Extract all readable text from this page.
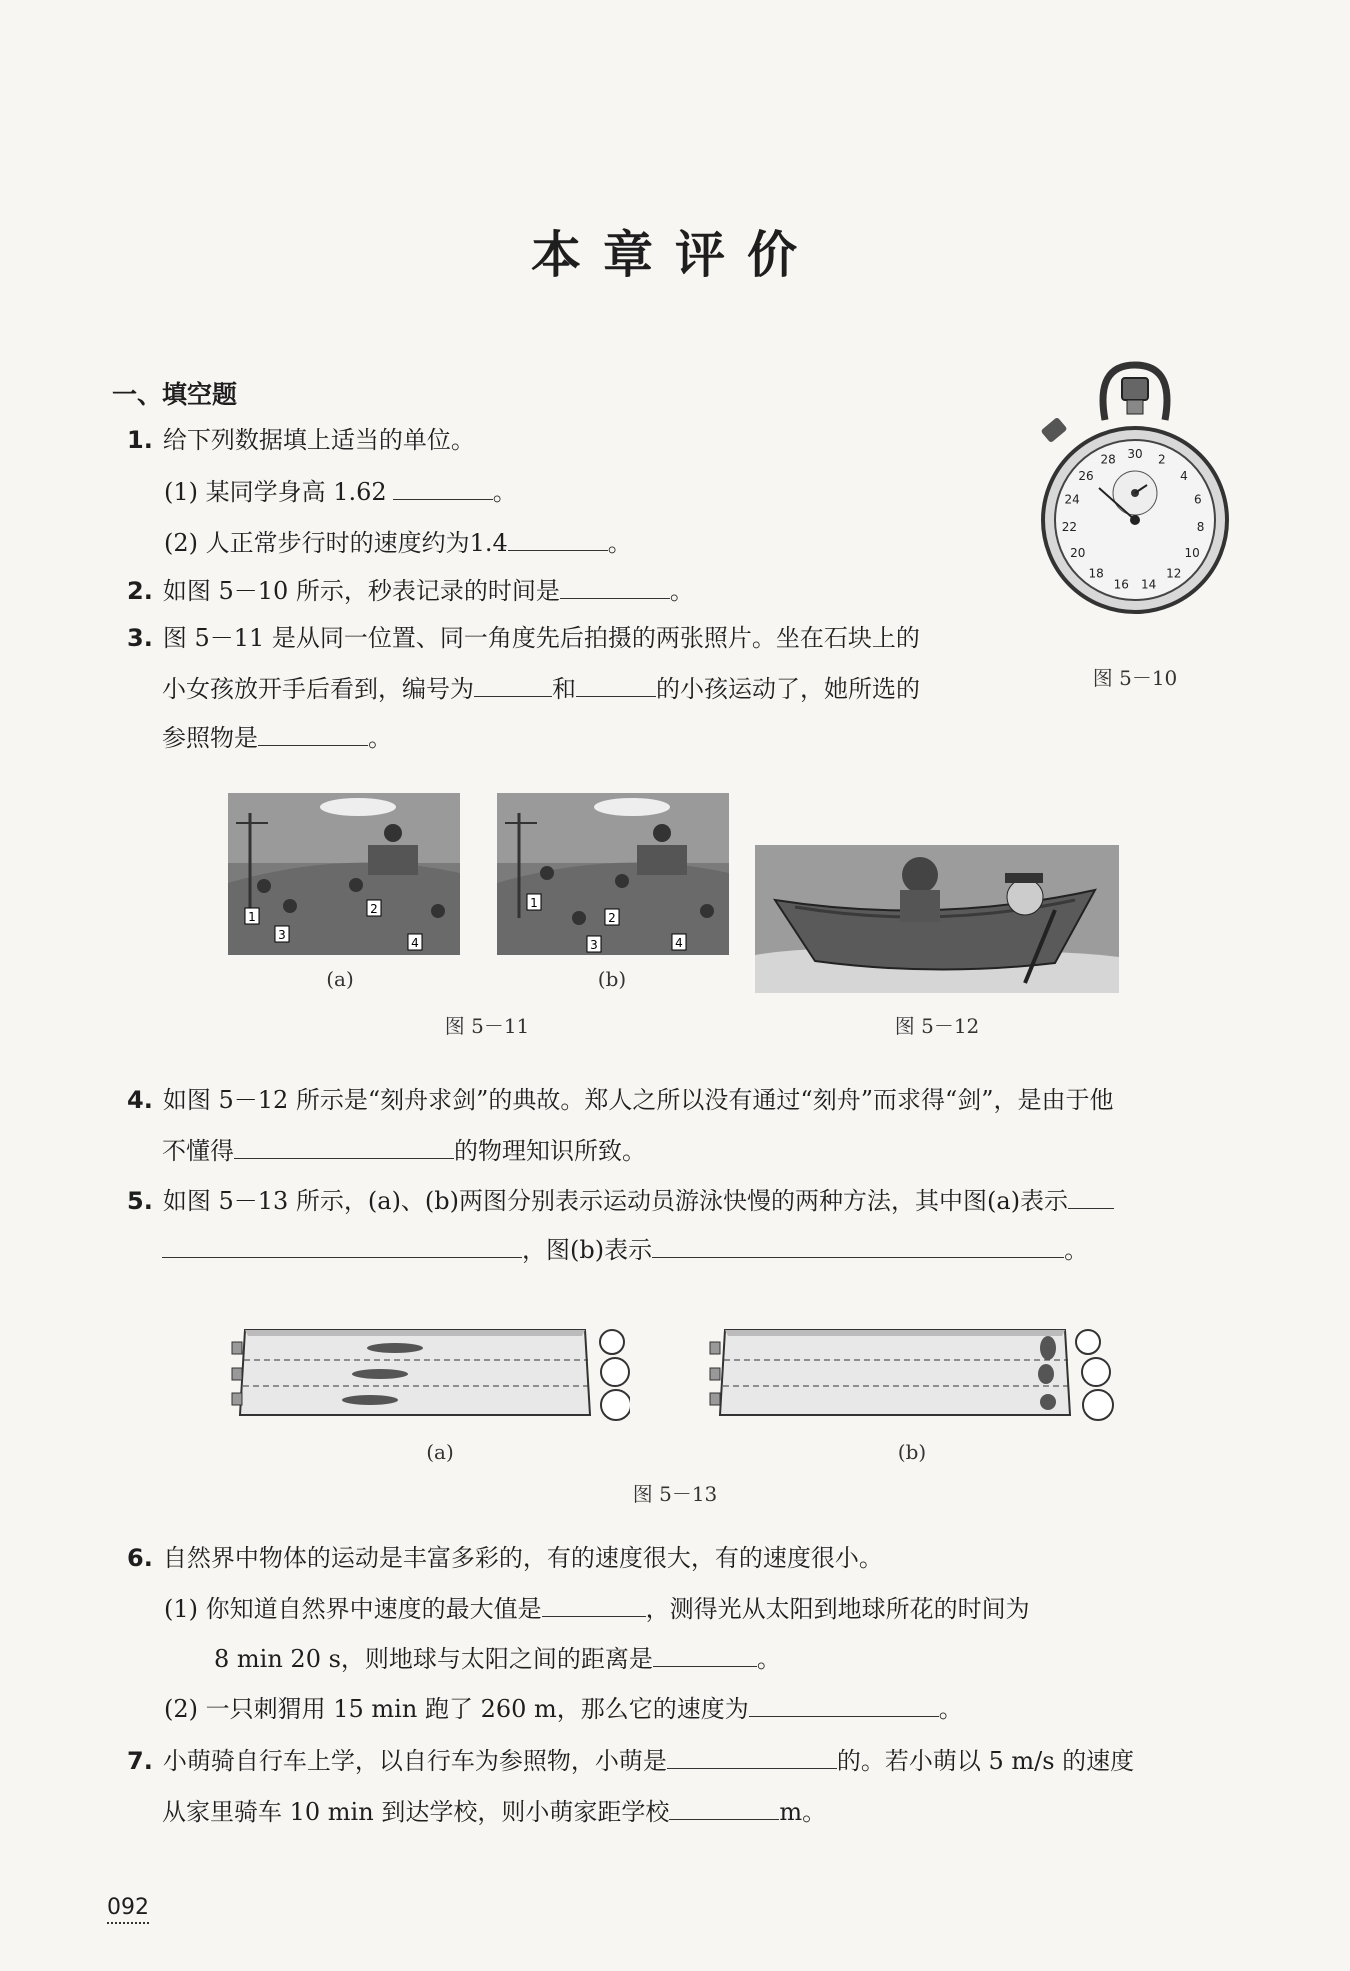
本章评价
一、填空题
1. 给下列数据填上适当的单位。
(1) 某同学身高 1.62	。
(2) 人正常步行时的速度约为1.4	。
2. 如图 5－10 所示，秒表记录的时间是	。
3. 图 5－11 是从同一位置、同一角度先后拍摄的两张照片。坐在石块上的
小女孩放开手后看到，编号为	和	的小孩运动了，她所选的
参照物是	。
30 2
4
6
8
10
12
14
16
18
20
22
24
26
28
图 5－10
1
2
3
4
(a)
1
2
3	4
(b)
图 5－11	图 5－12
4. 如图 5－12 所示是“刻舟求剑”的典故。郑人之所以没有通过“刻舟”而求得“剑”，是由于他
不懂得	的物理知识所致。
5. 如图 5－13 所示，(a)、(b)两图分别表示运动员游泳快慢的两种方法，其中图(a)表示
，图(b)表示	。
(a)	(b)
图 5－13
6. 自然界中物体的运动是丰富多彩的，有的速度很大，有的速度很小。
(1) 你知道自然界中速度的最大值是	，测得光从太阳到地球所花的时间为
8 min 20 s，则地球与太阳之间的距离是	。
(2) 一只刺猬用 15 min 跑了 260 m，那么它的速度为	。
7. 小萌骑自行车上学，以自行车为参照物，小萌是	的。若小萌以 5 m/s 的速度
从家里骑车 10 min 到达学校，则小萌家距学校	m。
092
